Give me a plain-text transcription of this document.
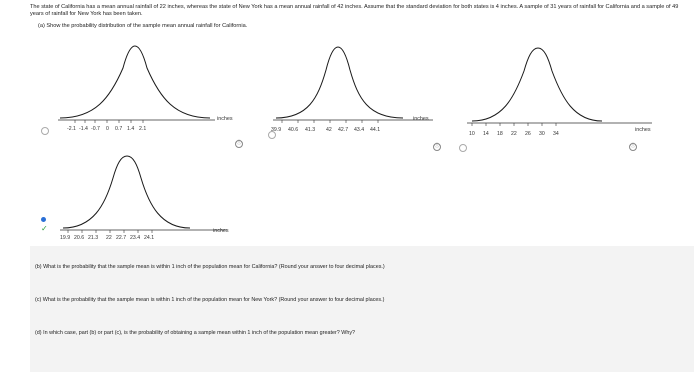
The state of California has a mean annual rainfall of 22 inches, whereas the state of New York has a mean annual rainfall of 42 inches. Assume that the standard deviation for both states is 4 inches. A sample of 31 years of rainfall for California and a sample of 49 years of rainfall for New York has been taken.
(a) Show the probability distribution of the sample mean annual rainfall for California.
✓
-2.1 -1.4 -0.7 0 0.7 1.4 2.1
inches
ⓘ
39.9 40.6 41.3 42 42.7 43.4 44.1
inches
ⓘ
10 14 18 22 26 30 34
inches
ⓘ
19.9 20.6 21.3 22 22.7 23.4 24.1
inches
(b) What is the probability that the sample mean is within 1 inch of the population mean for California? (Round your answer to four decimal places.)
(c) What is the probability that the sample mean is within 1 inch of the population mean for New York? (Round your answer to four decimal places.)
(d) In which case, part (b) or part (c), is the probability of obtaining a sample mean within 1 inch of the population mean greater? Why?
